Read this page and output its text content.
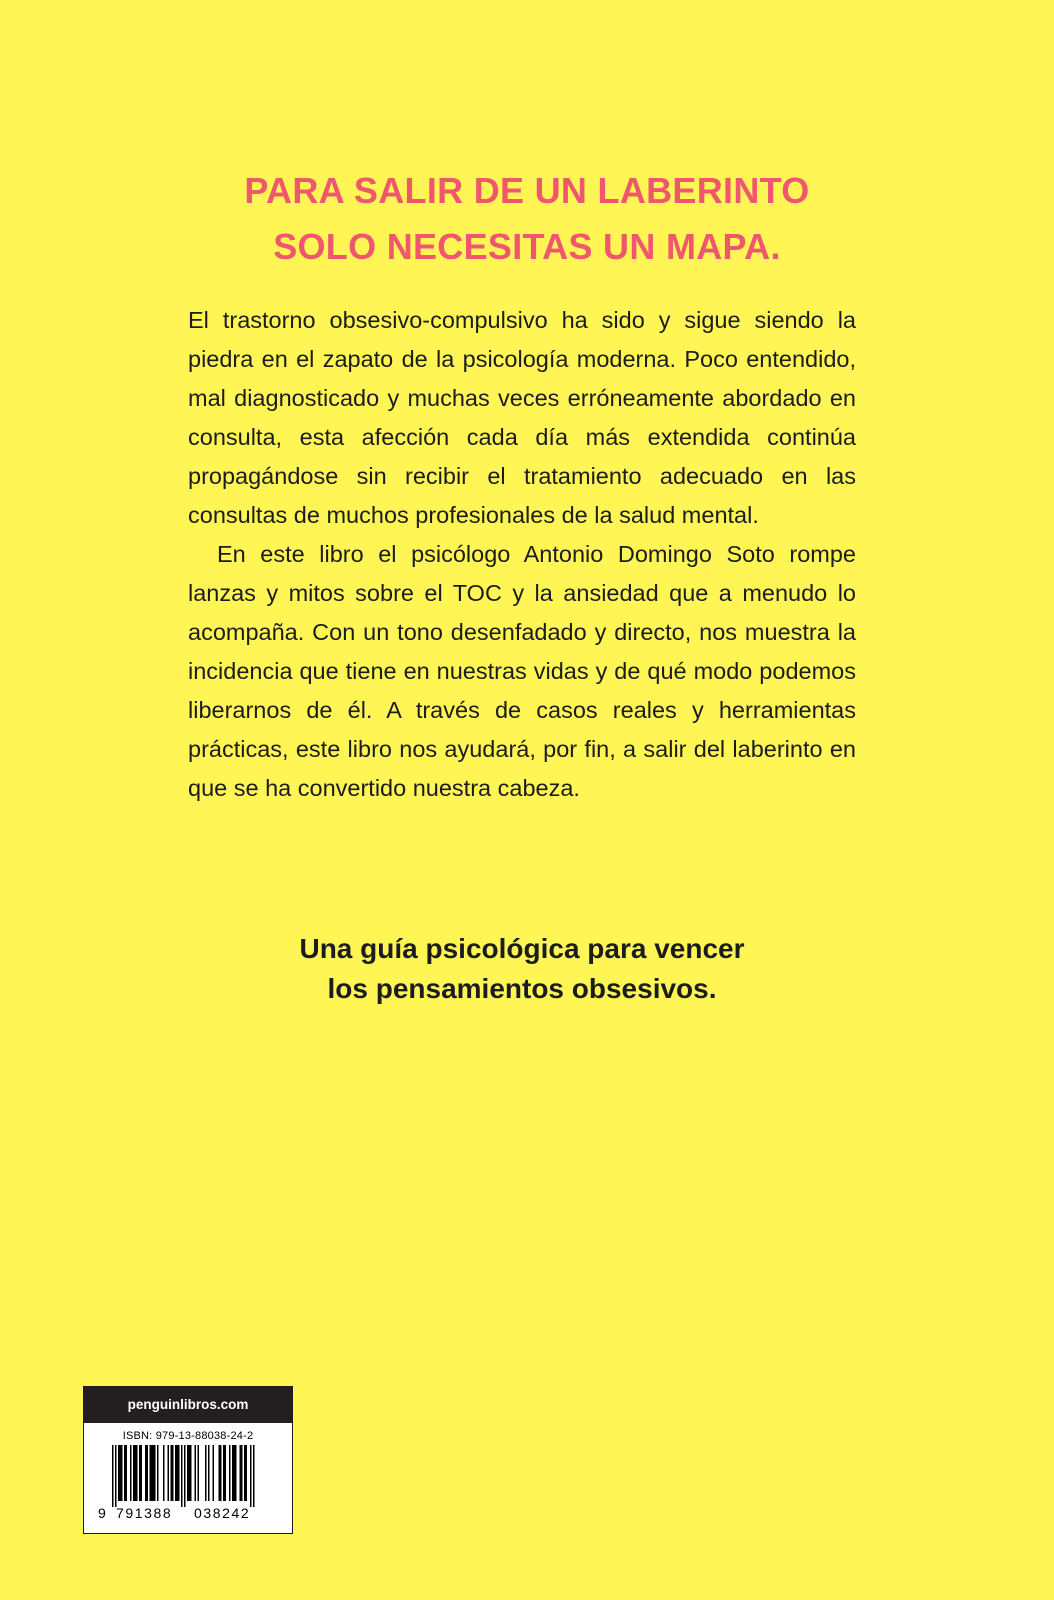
PARA SALIR DE UN LABERINTO
SOLO NECESITAS UN MAPA.

El trastorno obsesivo-compulsivo ha sido y sigue siendo la piedra en el zapato de la psicología moderna. Poco entendido, mal diagnosticado y muchas veces erróneamente abordado en consulta, esta afección cada día más extendida continúa propagándose sin recibir el tratamiento adecuado en las consultas de muchos profesionales de la salud mental.

En este libro el psicólogo Antonio Domingo Soto rompe lanzas y mitos sobre el TOC y la ansiedad que a menudo lo acompaña. Con un tono desenfadado y directo, nos muestra la incidencia que tiene en nuestras vidas y de qué modo podemos liberarnos de él. A través de casos reales y herramientas prácticas, este libro nos ayudará, por fin, a salir del laberinto en que se ha convertido nuestra cabeza.

Una guía psicológica para vencer
los pensamientos obsesivos.
penguinlibros.com
ISBN: 979-13-88038-24-2
9 791388 038242
